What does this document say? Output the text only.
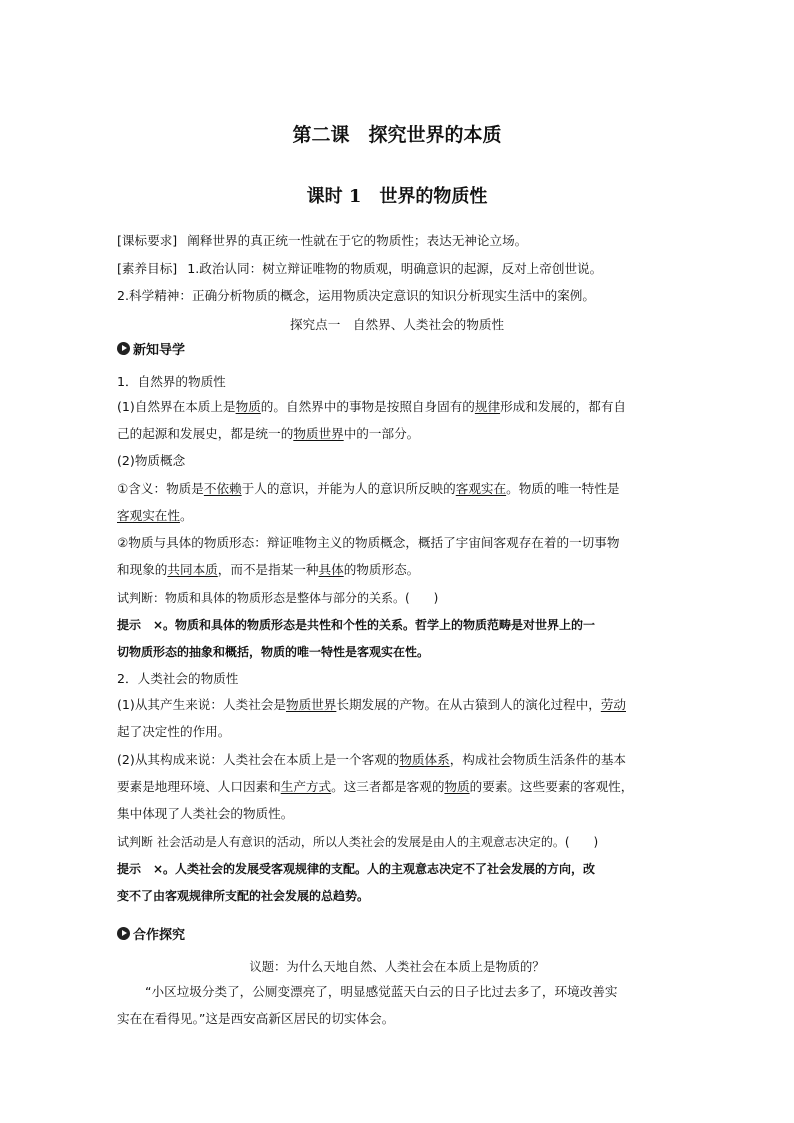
第二课　探究世界的本质
课时 1　世界的物质性
[课标要求] 阐释世界的真正统一性就在于它的物质性；表达无神论立场。
[素养目标] 1.政治认同：树立辩证唯物的物质观，明确意识的起源，反对上帝创世说。
2.科学精神：正确分析物质的概念，运用物质决定意识的知识分析现实生活中的案例。
探究点一　自然界、人类社会的物质性
新知导学
1．自然界的物质性
(1)自然界在本质上是物质的。自然界中的事物是按照自身固有的规律形成和发展的，都有自
己的起源和发展史，都是统一的物质世界中的一部分。
(2)物质概念
①含义：物质是不依赖于人的意识，并能为人的意识所反映的客观实在。物质的唯一特性是
客观实在性。
②物质与具体的物质形态：辩证唯物主义的物质概念，概括了宇宙间客观存在着的一切事物
和现象的共同本质，而不是指某一种具体的物质形态。
试判断：物质和具体的物质形态是整体与部分的关系。(　　)
提示　×。物质和具体的物质形态是共性和个性的关系。哲学上的物质范畴是对世界上的一
切物质形态的抽象和概括，物质的唯一特性是客观实在性。
2．人类社会的物质性
(1)从其产生来说：人类社会是物质世界长期发展的产物。在从古猿到人的演化过程中，劳动
起了决定性的作用。
(2)从其构成来说：人类社会在本质上是一个客观的物质体系，构成社会物质生活条件的基本
要素是地理环境、人口因素和生产方式。这三者都是客观的物质的要素。这些要素的客观性，
集中体现了人类社会的物质性。
试判断 社会活动是人有意识的活动，所以人类社会的发展是由人的主观意志决定的。(　　)
提示　×。人类社会的发展受客观规律的支配。人的主观意志决定不了社会发展的方向，改
变不了由客观规律所支配的社会发展的总趋势。
合作探究
议题：为什么天地自然、人类社会在本质上是物质的？
“小区垃圾分类了，公厕变漂亮了，明显感觉蓝天白云的日子比过去多了，环境改善实
实在在看得见。”这是西安高新区居民的切实体会。
